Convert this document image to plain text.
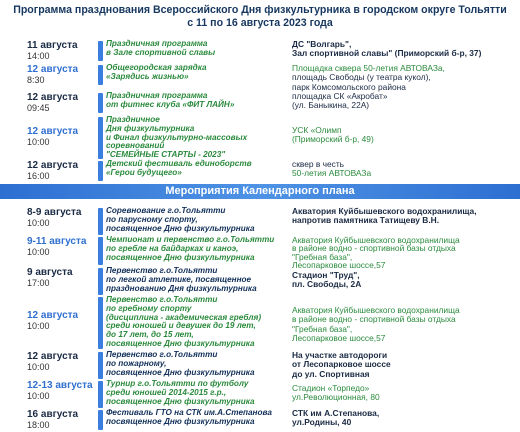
Программа празднования Всероссийского Дня физкультурника в городском округе Тольятти
с 11 по 16 августа 2023 года
11 августа
14:00
Праздничная программа
в Зале спортивной славы
ДС "Волгарь",
Зал спортивной славы" (Приморский б-р, 37)
12 августа
8:30
Общегородская зарядка
«Зарядись жизнью»
Площадка сквера 50-летия АВТОВАЗа,
площадь Свободы (у театра кукол),
парк Комсомольского района
12 августа
09:45
Праздничная программа
от фитнес клуба «ФИТ ЛАЙН»
площадка СК «Акробат»
(ул. Баныкина, 22А)
12 августа
10:00
Праздничное
Дня физкультурника
и Финал физкультурно-массовых
соревнований
"СЕМЕЙНЫЕ СТАРТЫ - 2023"
УСК «Олимп
(Приморский б-р, 49)
12 августа
16:00
Детский фестиваль единоборств
«Герои будущего»
сквер в честь
50-летия АВТОВАЗа
Мероприятия Календарного плана
8-9 августа
10:00
Соревнование г.о.Тольятти
по парусному спорту,
посвященное Дню физкультурника
Акватория Куйбышевского водохранилища,
напротив памятника Татищеву В.Н.
9-11 августа
10:00
Чемпионат и первенство г.о.Тольятти
по гребле на байдарках и каноэ,
посвященное Дню физкультурника
Акватория Куйбышевского водохранилища
в районе водно - спортивной базы отдыха
"Гребная база",
Лесопарковое шоссе,57
9 августа
17:00
Первенство г.о.Тольятти
по легкой атлетике, посвященное
празднованию Дня физкультурника
Стадион "Труд",
пл. Свободы, 2А
12 августа
10:00
Первенство г.о.Тольятти
по гребному спорту
(дисциплина - академическая гребля)
среди юношей и девушек до 19 лет,
до 17 лет, до 15 лет,
посвященное Дню физкультурника
Акватория Куйбышевского водохранилища
в районе водно - спортивной базы отдыха
"Гребная база",
Лесопарковое шоссе,57
12 августа
10:00
Первенство г.о.Тольятти
по пожарному,
посвященное Дню физкультурника
На участке автодороги
от Лесопарковое шоссе
до ул. Спортивная
12-13 августа
10:00
Турнир г.о.Тольятти по футболу
среди юношей 2014-2015 г.р.,
посвященное Дню физкультурника
Стадион «Торпедо»
ул.Революционная, 80
16 августа
18:00
Фестиваль ГТО на СТК им.А.Степанова
посвященное Дню физкультурника
СТК им А.Степанова,
ул.Родины, 40
